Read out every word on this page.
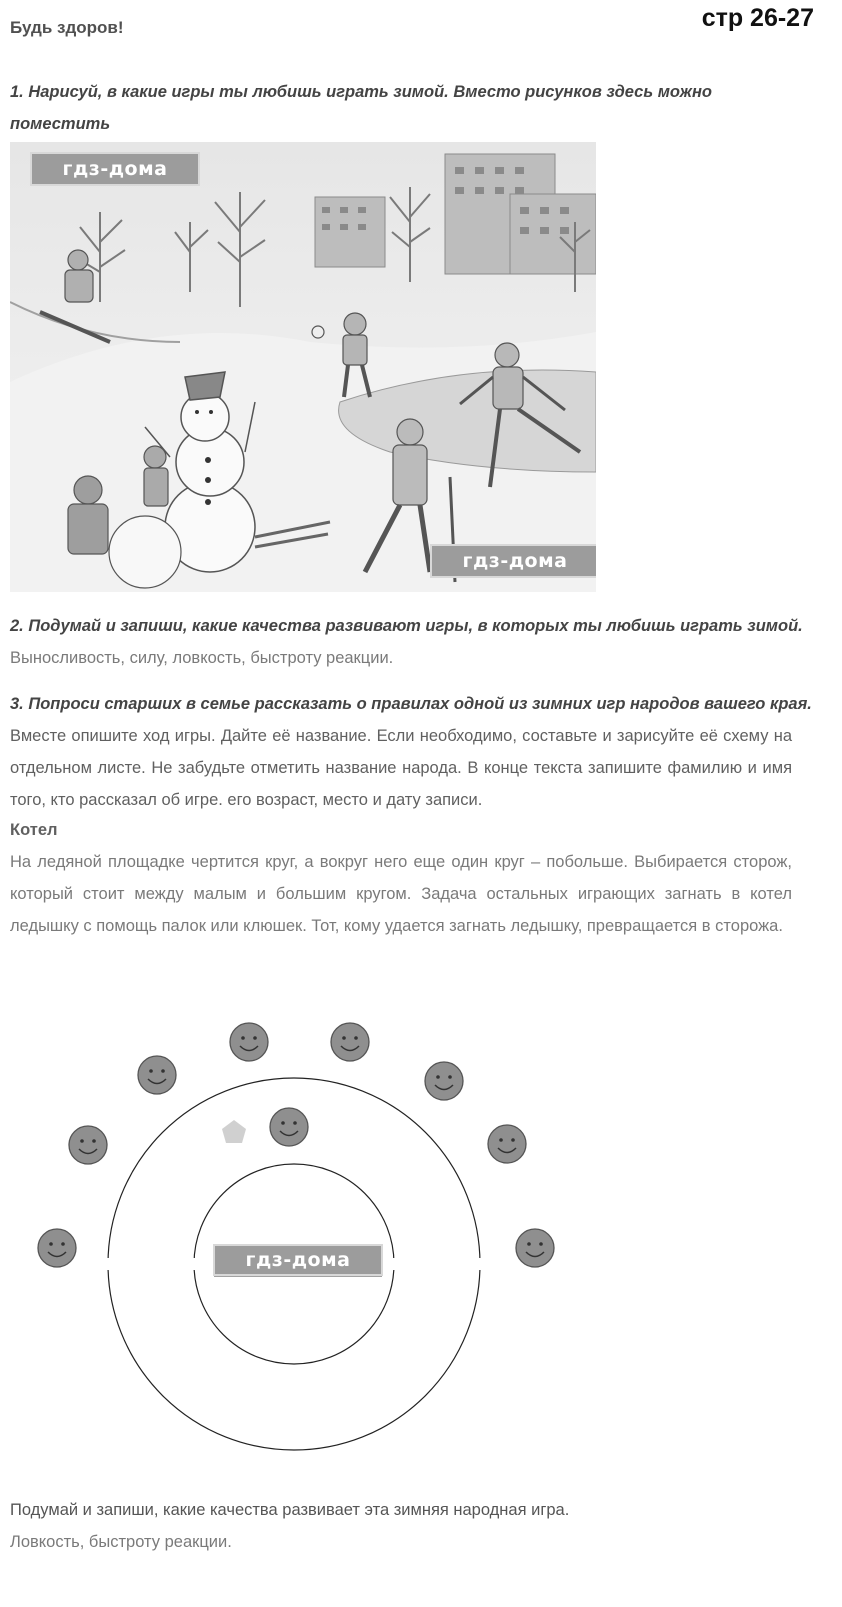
Будь здоров!	стр 26-27
1. Нарисуй, в какие игры ты любишь играть зимой. Вместо рисунков здесь можно поместить
гдз-дома
гдз-дома
2. Подумай и запиши, какие качества развивают игры, в которых ты любишь играть зимой.
Выносливость, силу, ловкость, быстроту реакции.
3. Попроси старших в семье рассказать о правилах одной из зимних игр народов вашего края.
Вместе опишите ход игры. Дайте её название. Если необходимо, составьте и зарисуйте её схему на отдельном листе. Не забудьте отметить название народа. В конце текста запишите фамилию и имя того, кто рассказал об игре. его возраст, место и дату записи.
Котел
На ледяной площадке чертится круг, а вокруг него еще один круг – побольше. Выбирается сторож, который стоит между малым и большим кругом. Задача остальных играющих загнать в котел ледышку с помощь палок или клюшек. Тот, кому удается загнать ледышку, превращается в сторожа.
гдз-дома
Подумай и запиши, какие качества развивает эта зимняя народная игра.
Ловкость, быстроту реакции.
